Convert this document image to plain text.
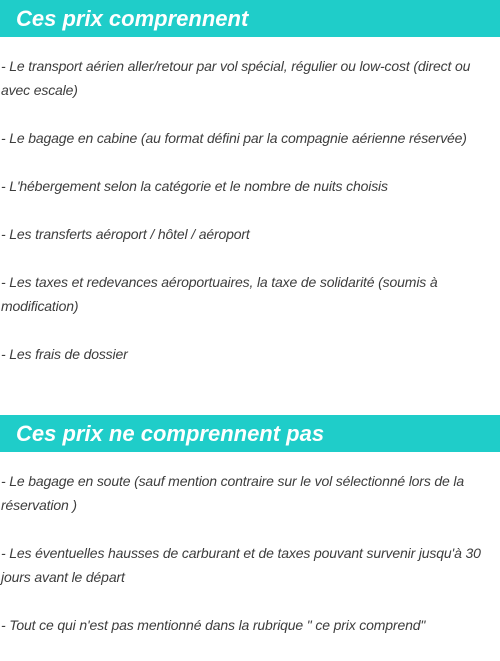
Ces prix comprennent
- Le transport aérien aller/retour par vol spécial, régulier ou low-cost (direct ou avec escale)
- Le bagage en cabine (au format défini par la compagnie aérienne réservée)
- L'hébergement selon la catégorie et le nombre de nuits choisis
- Les transferts aéroport / hôtel / aéroport
- Les taxes et redevances aéroportuaires, la taxe de solidarité (soumis à modification)
- Les frais de dossier
Ces prix ne comprennent pas
- Le bagage en soute (sauf mention contraire sur le vol sélectionné lors de la réservation )
- Les éventuelles hausses de carburant et de taxes pouvant survenir jusqu'à 30 jours avant le départ
- Tout ce qui n'est pas mentionné dans la rubrique " ce prix comprend"
